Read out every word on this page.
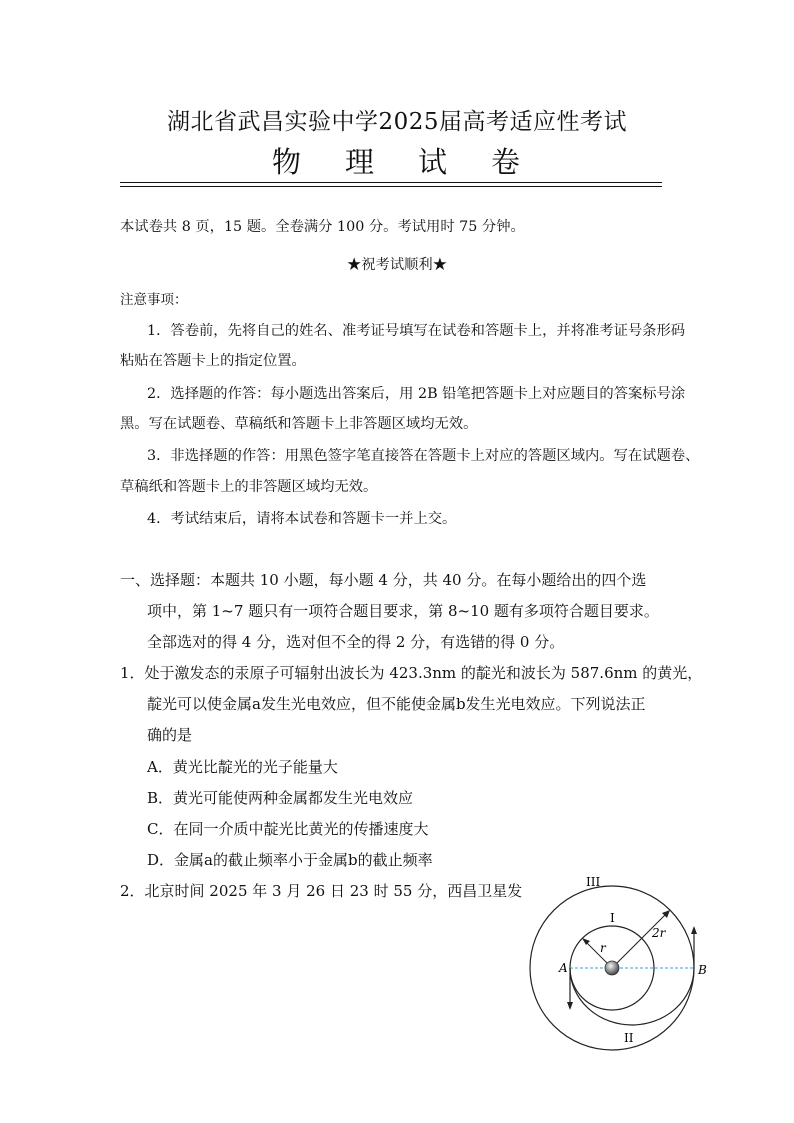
湖北省武昌实验中学2025届高考适应性考试
物 理 试 卷
本试卷共 8 页，15 题。全卷满分 100 分。考试用时 75 分钟。
★祝考试顺利★
注意事项：
1．答卷前，先将自己的姓名、准考证号填写在试卷和答题卡上，并将准考证号条形码
粘贴在答题卡上的指定位置。
2．选择题的作答：每小题选出答案后，用 2B 铅笔把答题卡上对应题目的答案标号涂
黑。写在试题卷、草稿纸和答题卡上非答题区域均无效。
3．非选择题的作答：用黑色签字笔直接答在答题卡上对应的答题区域内。写在试题卷、
草稿纸和答题卡上的非答题区域均无效。
4．考试结束后，请将本试卷和答题卡一并上交。
一、选择题：本题共 10 小题，每小题 4 分，共 40 分。在每小题给出的四个选
项中，第 1~7 题只有一项符合题目要求，第 8~10 题有多项符合题目要求。
全部选对的得 4 分，选对但不全的得 2 分，有选错的得 0 分。
1．处于激发态的汞原子可辐射出波长为 423.3nm 的靛光和波长为 587.6nm 的黄光，
靛光可以使金属a发生光电效应，但不能使金属b发生光电效应。下列说法正
确的是
A．黄光比靛光的光子能量大
B．黄光可能使两种金属都发生光电效应
C．在同一介质中靛光比黄光的传播速度大
D．金属a的截止频率小于金属b的截止频率
2．北京时间 2025 年 3 月 26 日 23 时 55 分，西昌卫星发	III
I
II
r
2r
A	B
